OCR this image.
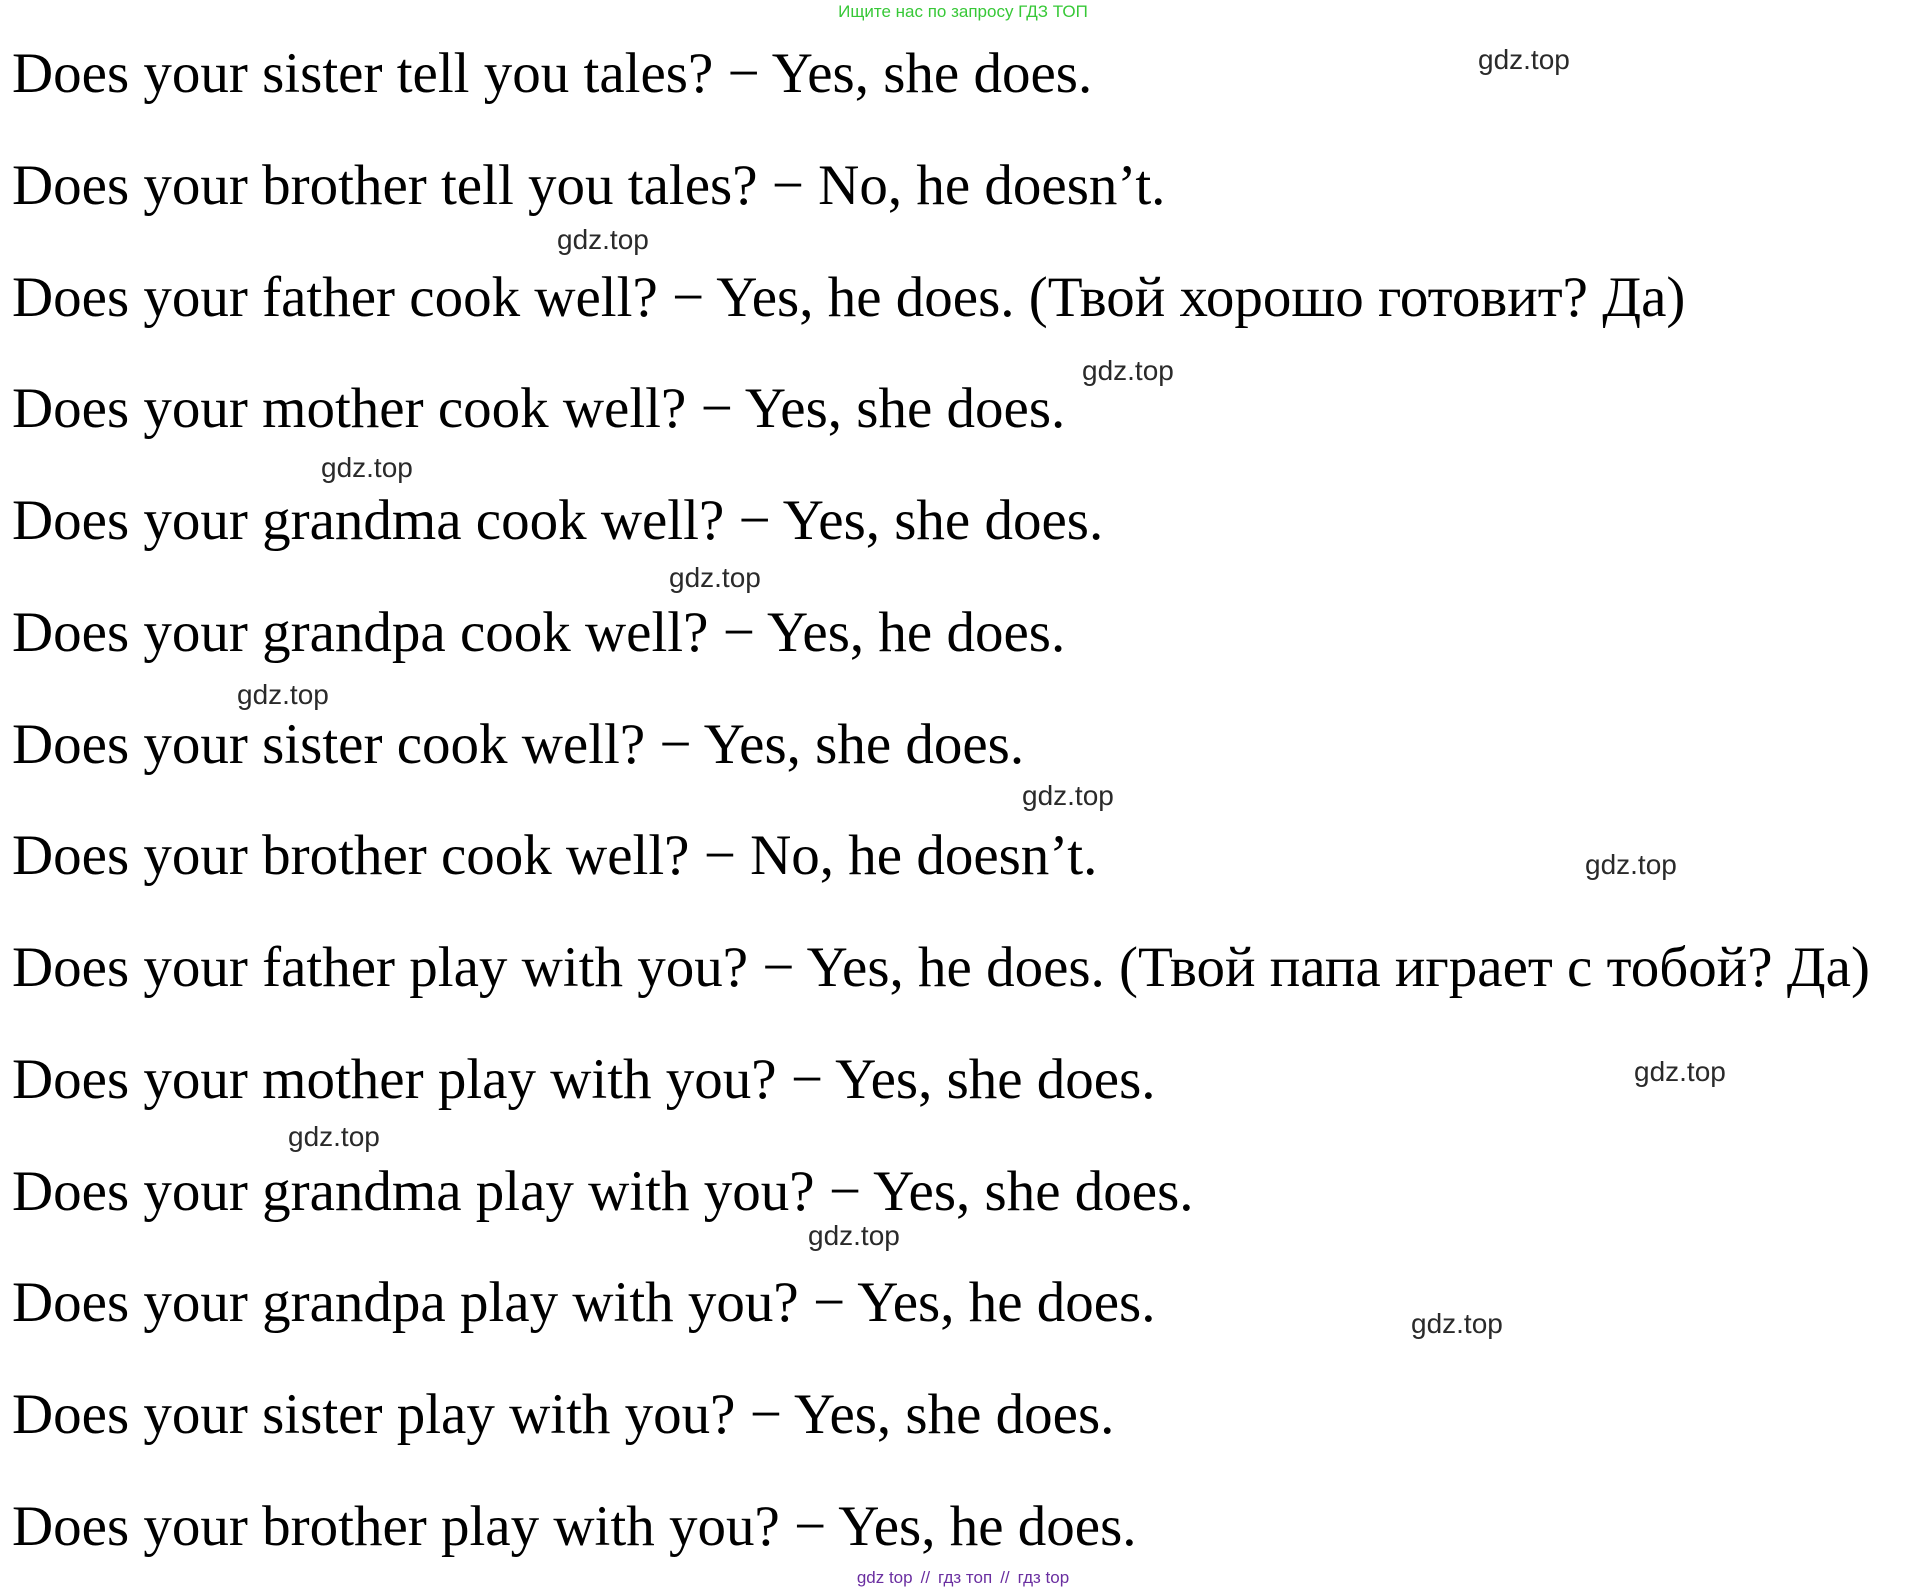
Ищите нас по запросу ГДЗ ТОП
Does your sister tell you tales? − Yes, she does.
Does your brother tell you tales? − No, he doesn’t.
Does your father cook well? − Yes, he does. (Твой хорошо готовит? Да)
Does your mother cook well? − Yes, she does.
Does your grandma cook well? − Yes, she does.
Does your grandpa cook well? − Yes, he does.
Does your sister cook well? − Yes, she does.
Does your brother cook well? − No, he doesn’t.
Does your father play with you? − Yes, he does. (Твой папа играет с тобой? Да)
Does your mother play with you? − Yes, she does.
Does your grandma play with you? − Yes, she does.
Does your grandpa play with you? − Yes, he does.
Does your sister play with you? − Yes, she does.
Does your brother play with you? − Yes, he does.
gdz.top
gdz.top
gdz.top
gdz.top
gdz.top
gdz.top
gdz.top
gdz.top
gdz.top
gdz.top
gdz.top
gdz.top
gdz top // гдз топ // гдз top
